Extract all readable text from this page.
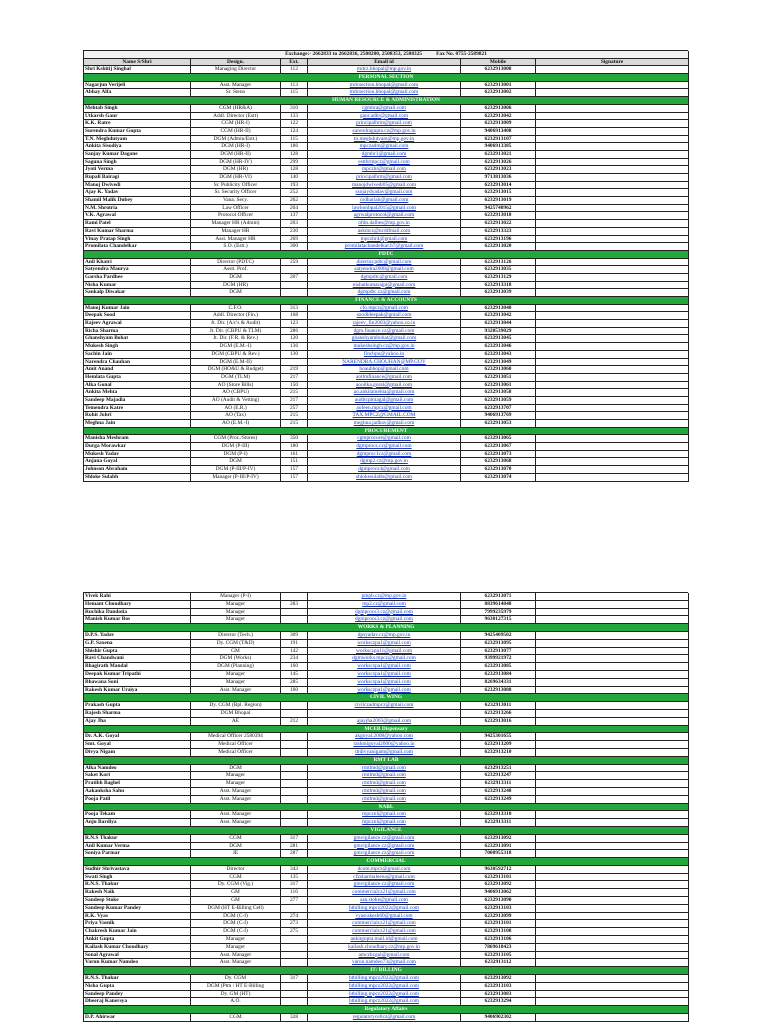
Exchange:- 2662833 to 2662836, 2508200, 2508353, 2508325	Fax No. 0755-2589821
Name S/Shri	Design.	Ext.	Email id	Mobile	Signature
Shri Kshitij Singhal	Managing Director	112	mdcz.bhopal@mp.gov.in	6232913000
PERSONAL SECTION
Nagarjun Verijeli	Asst. Manager	113	mdcsection.bhopal@gmail.com	6232913001
Abhay Alfa	Sr. Steno	115	mdcsection.bhopal@gmail.com	6232913002
HUMAN RESOURCE & ADMINISTRATION
Mehtab Singh	CGM (HR&A)	310	cgmhra@gmail.com	6232913006
Utkarsh Gaur	Addl. Director (Estt)	133	gaur.adhr@gmail.com	6232913042
K.K. Ratre	CGM (HR-I)	122	principalhrm@gmail.com	6232913009
Surendra Kumar Gupta	CGM (HR-II)	124	surendragupta.cz@mp.gov.in	9406913408
T.N. Meghdutyam	DGM (Admin/Estt.)	115	tn.meghdutyam@mp.gov.in	6232913107
Ankita Sisodiya	DGM (HR-I)	186	mpczadm@gmail.com	9406913385
Sanjay Kumar Dagane	DGM (HR-II)	128	dgmhr1@gmail.com	6232913021
Saguna Singh	DGM (HR-IV)	299	estthrmpcz@gmail.com	6232913026
Jyoti Verma	DGM (HR)	128	mpczhr@gmail.com	6232913023
Rupali Bairagi	DGM (HR-VI)	140	principalhrm@gmail.com	9713813036
Manoj Dwivedi	Sr. Publicity Officer	193	manojdwivedi05@gmail.com	6232913014
Ajay K. Yadav	Sr. Security Officer	252	ssojaydyadav@gmail.com	6232913015
Shamil Malik Dubey	Vana. Secy.	262	csdhariah@gmail.com	6232913019
N.M. Shrotria	Law Officer	204	lawhonbpal2015@gmail.com	9425740962
V.K. Agrawal	Protocol Officer	137	agrwalprotocol@gmail.com	6232913018
Rami Patel	Manager HR (Admin)	203	ofdn.dalbes@mp.gov.in	6232913022
Ravi Kumar Sharma	Manager HR	230	askmcz@ncdtfmail.com	6232913323
Vinay Pratap Singh	Asst. Manager HR	269	mpczhr4@gmail.com	6232913196
Promilata Chandelkar	S.O. (Estt.)	300	promilatachandelkar.67@gmail.com	6232913020
PDTC
Anil Khatri	Director (PDTC)	259	director.pdtc@gmail.com	6232913126
Satyendra Maurya	Asstt. Prof.	satyendra2008@gmail.com	6232913035
Garsha Pardhee	DGM	207	dgmpdtc@gmail.com	6232913129
Nisha Kumar	DGM (HR)	nishatkumarajpt@gmail.com	6232913318
Sankalp Diwakar	DGM	dgmpdtc.cz@gmail.com	6232913039
FINANCE & ACCOUNTS
Manoj Kumar Jain	C.F.O.	313	cfo.mpcz@gmail.com	6232913040
Deepak Sood	Addl. Director (Fin.)	168	soodideepak@gmail.com	6232913042
Rajeev Agrawal	Jt. Dir. (A/c's & Audit)	123	rajeev_fin2003@yahoo.co.in	6232913044
Richa Sharma	Jt. Dir. (CBPU & TLM)	286	dgm.finance.cz@gmail.com	9320539029
Ghanshyam Bohat	Jt. Dir. (F.R. & Rev.)	120	ghanshyambohat@gmail.com	6232913045
Mukesh Singh	DGM (E.M.-I)	136	mukeshsingh.cz@mp.gov.in	6232913046
Sachin Jain	DGM (CBPU & Rev.)	130	fincbpu@yahoo.in	6232913043
Narendra Chauhan	DGM (E.M-II)	NARENDRA.CHOUHAN@MP.GOV	6232913049
Amit Anand	DGM (HO&U & Budget)	219	hoaubbop@gmail.com	6232913060
Hemlata Gupta	DGM (TLM)	217	aotlmfinance@gmail.com	6232913051
Alka Gonal	AO (Store Bills)	150	aooilka.goral@gmail.com	6232913061
Ankita Mehta	AO (CBPU)	215	ao.ankitamehta@gmail.com	6232913058
Sandeep Majadia	AO (Audit & Vetting)	217	auditcpmiagal@gmail.com	6232913059
Temendra Katre	AO (E.R.)	257	aofeen.mpcz@gmail.com	6232913707
Rohit Johri	AO (Tax)	215	TAX.MPCZ@GMAIL.COM	9406913769
Meghna Jain	AO (E.M.-I)	215	meghna.jadhav@gmail.com	6232913053
PROCUREMENT
Manisha Meshram	CGM (Proc./Stores)	350	cgmprocure@gmail.com	6232913065
Durga Morawkar	DGM (P-III)	180	dgmprocs.cz@gmail.com	6232913067
Mukesh Yadav	DGM (P-I)	161	dgmproc1cz@gmail.com	6232913073
Anjana Goyal	DGM	151	dgmp2.cz@mp.gov.in	6232913068
Johnson Abraham	DGM (P-III/P-IV)	157	dgmprocs4@gmail.com	6232913070
Shloke Sulabh	Manager (P-III/P-IV)	157	shlokesulabh@gmail.com	6232913074
Vivek Rahi	Manager (P-I)	pmpb.cz@mp.gov.in	6232913071
Hemant Choudhary	Manager	283	mp2.cz@gmail.com	8839614848
Ruchika Dandotia	Manager	dgmprocs3.cz@gmail.com	7999235979
Manish Kumar Bos	Manager	dgmprocs3.cz@gmail.com	9630127315
WORKS & PLANNING
D.P.S. Yadav	Director (Tech.)	309	dpsyadav.cz@mp.gov.in	9425409502
G.P. Saxena	Dy. CGM (T&D)	191	worksczpa1@gmail.com	6232913095
Shishir Gupta	GM	142	worksczpa11@gmail.com	6232913077
Ravi Chandwani	DGM (Works)	234	dgmworks.mpcz@gmail.com	9399921972
Bhagirath Mandal	DGM (Planning)	160	worksczpa1@gmail.com	6232913085
Deepak Kumar Tripathi	Manager	145	worksczpa1@gmail.com	6232913084
Bhawana Soni	Manager	285	worksczpa1@gmail.com	8269634331
Rakesh Kumar Uraiya	Asst. Manager	160	worksczpa1@gmail.com	6232913088
CIVIL WING
Prakash Gupta	Dy. CGM (Bpl. Region)	civilczadmpcz@gmail.com	6232913011
Rajesh Sharma	DGM Bhopal	6232913266
Ajay Jha	AE	212	ajayjha2003@gmail.com	6232913016
MCEB Dispensary
Dr. A.K. Goyal	Medical Officer 2580394	akgoyal.2008@yahoo.com	9425301655
Smt. Goyal	Medical Officer	rashmigoyal2000@yahoo.in	6232913209
Divya Nigam	Medical Officer	drdivyanigam@gmail.com	6232913210
RMT LAB
Alka Namdeo	DGM	rmtlmd@gmail.com	6232913251
Saket Kori	Manager	rmtlmd@gmail.com	6232913247
Pratibh Baghel	Manager	rmtlmd@gmail.com	6232913311
Aakanksha Sahu	Asst. Manager	rmtlmd@gmail.com	6232913248
Pooja Patil	Asst. Manager	rmtlmd@gmail.com	6232913249
NABL
Pooja Tekam	Asst. Manager	mpcznl@gmail.com	6232913310
Anju Bardiya	Asst. Manager	mpcznl@gmail.com	6232913311
VIGILANCE
R.N.S Thakur	CGM	317	gmvigilance.cz@gmail.com	6232913092
Anil Kumar Verma	DGM	281	gmvigilance.cz@gmail.com	6232913091
Soniya Parmar	JE	287	gmvigilance.cz@gmail.com	7000955318
COMMERCIAL
Sudhir Shrivastava	Director	343	dcom.mpcz@gmail.com	9630592712
Swati Singh	CGM	135	cfzsharmaleena@gmail.com	6232913101
R.N.S. Thakur	Dy. CGM (Vig.)	317	gmvigilance.cz@gmail.com	6232913092
Rakesh Naik	GM	116	commercialcz21@gmail.com	9406913062
Sandeep Stoke	GM	277	san.stoke@gmail.com	6232913090
Sandeep Kumar Pandey	DGM (HT E-Billing Cell)	htbilling.mpcz2022@gmail.com	6232913103
R.K. Vyas	DGM (C-I)	274	vyasrakesh60@gmail.com	6232913099
Priya Vasnik	DGM (C-I)	273	commercialcz21@gmail.com	6232913101
Chakresh Kumar Jain	DGM (C-I)	275	commercialcz21@gmail.com	6232913108
Ankit Gupta	Manager	ankitgupta.mail.id@gmail.com	6232913106
Kailash Kumar Choudhary	Manager	kailash.choudhary.cz@mp.gov.in	7869618423
Sonal Agrawal	Asst. Manager	amczhcgal@gmail.com	6232913105
Varun Kumar Namdeo	Asst. Manager	varun.namdeo73@gmail.com	6232913112
IT/ BILLING
R.N.S. Thakur	Dy. CGM	317	htbilling.mpcz2022@gmail.com	6232913092
Nisha Gupta	DGM (Ptm / HT E-Billing	htbilling.mpcz2022@gmail.com	6232913103
Sandeep Pandey	Dy. GM (HT)	htbilling.mpcz2022@gmail.com	6232913083
Dheeraj Kanersya	A.O.	htbilling.mpcz2022@gmail.com	6232913294
Regulatory Affairs
D.P. Ahirwar	CGM	328	regulatorycellcz@gmail.com	9406902302
